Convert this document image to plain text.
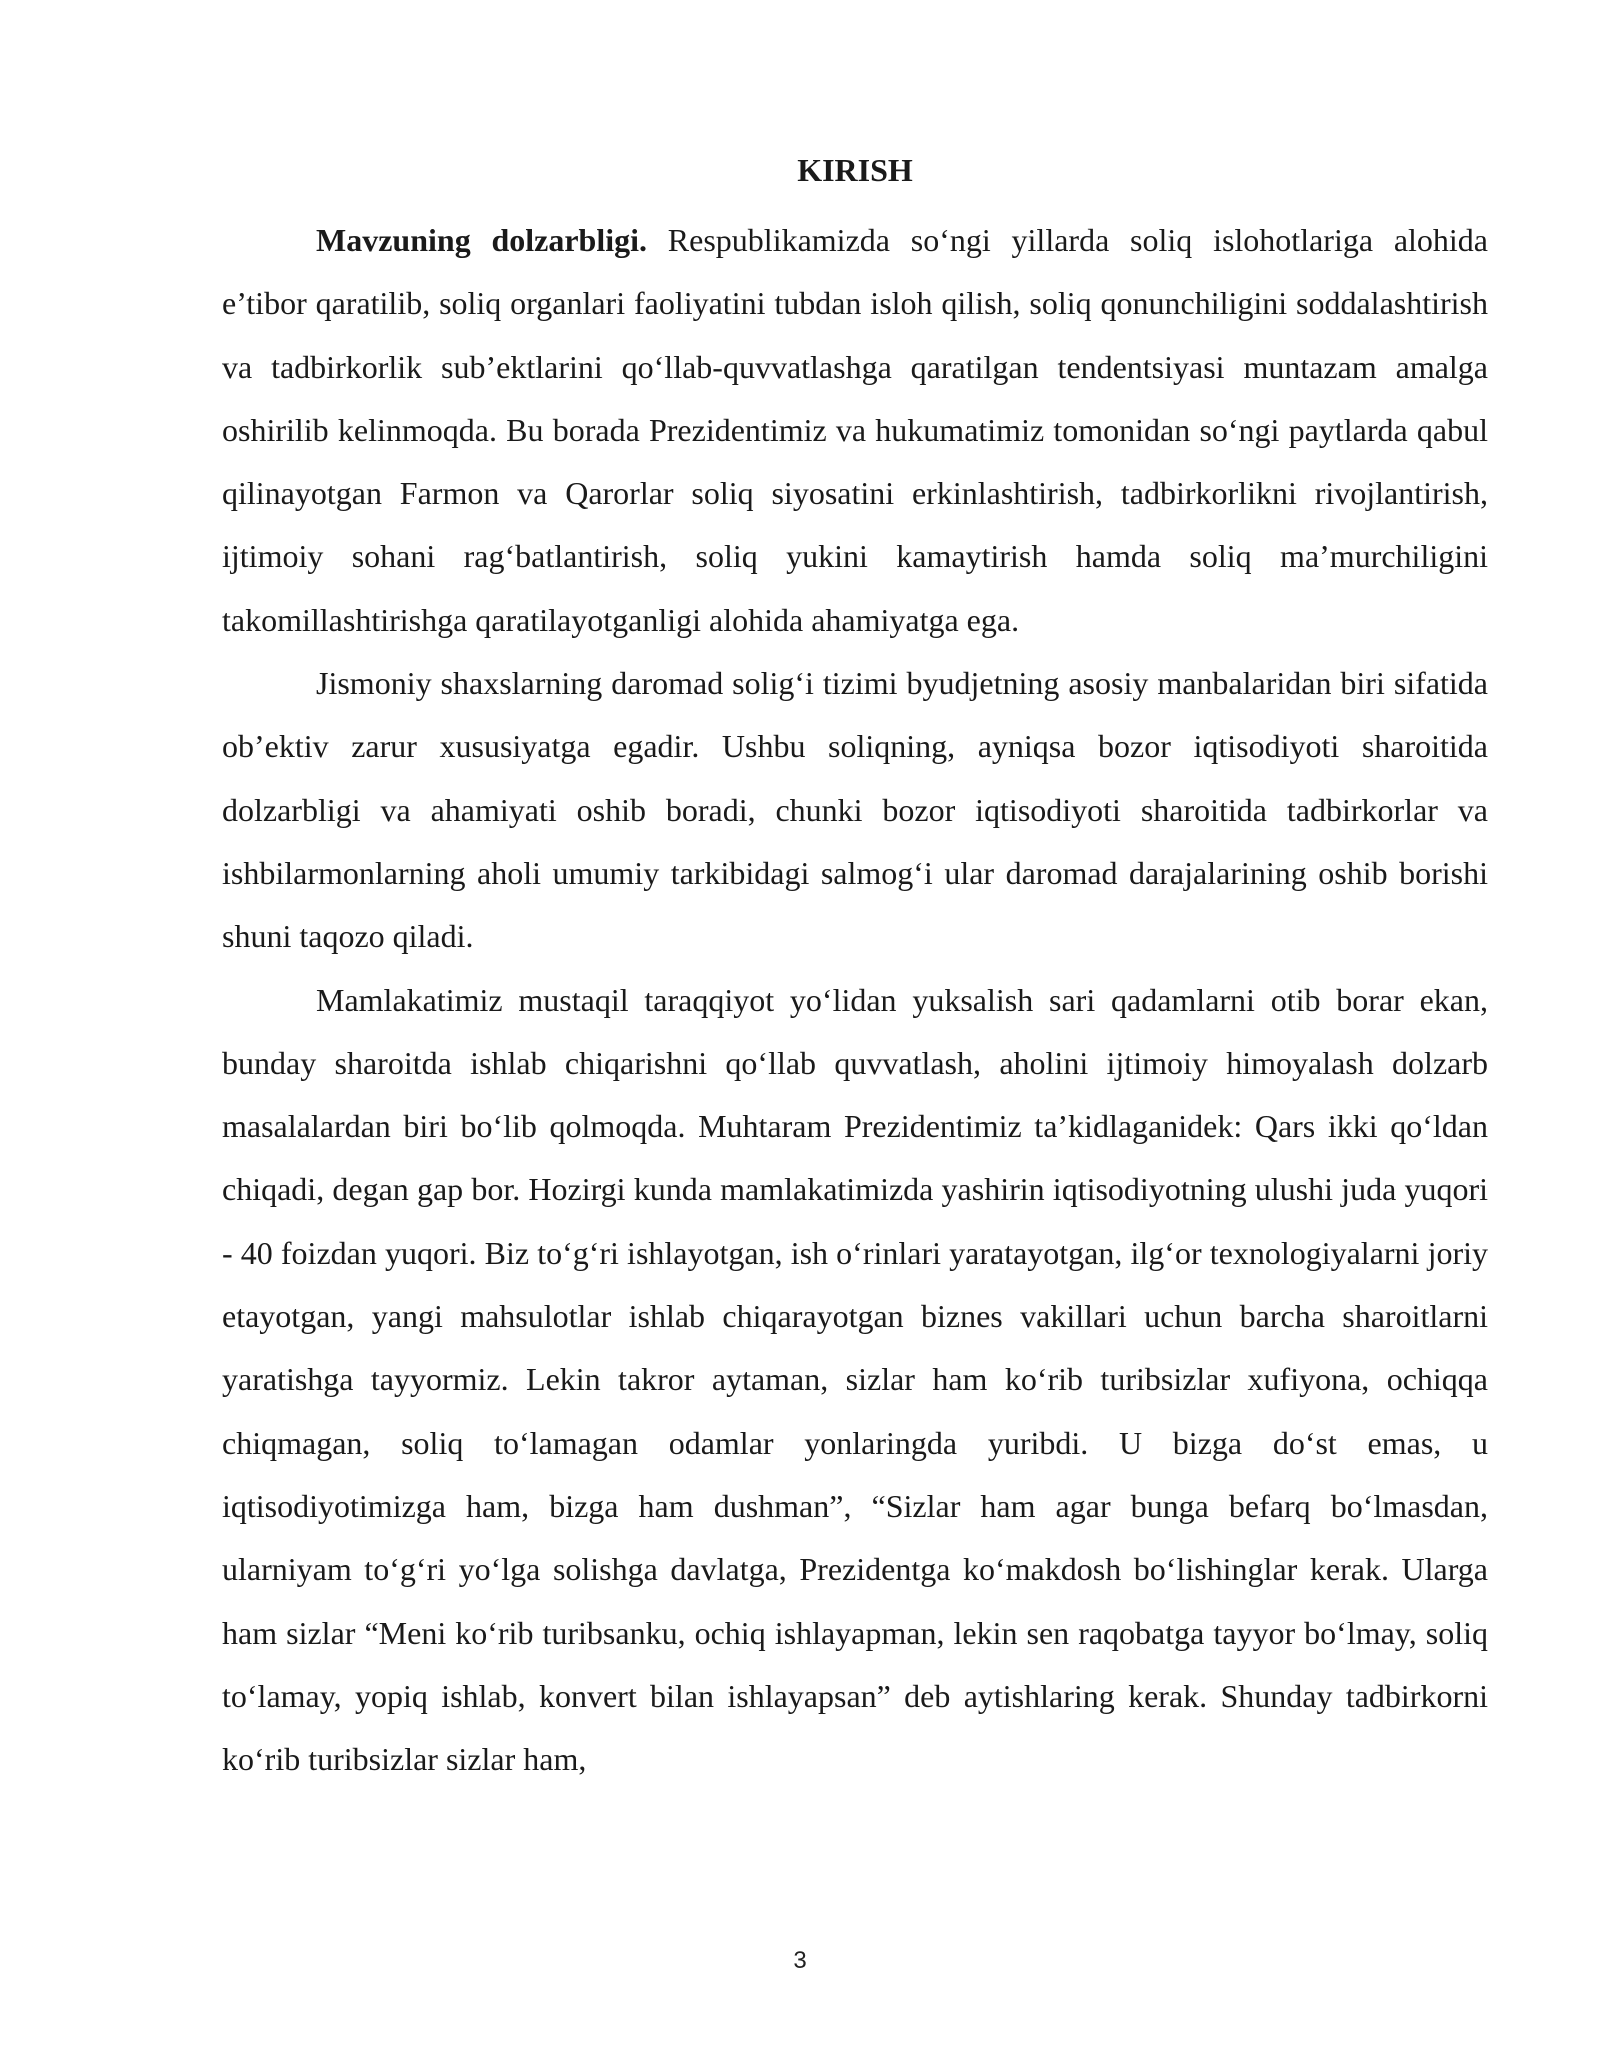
KIRISH

Mavzuning dolzarbligi. Respublikamizda so‘ngi yillarda soliq islohotlariga alohida e’tibor qaratilib, soliq organlari faoliyatini tubdan isloh qilish, soliq qonunchiligini soddalashtirish va tadbirkorlik sub’ektlarini qo‘llab-quvvatlashga qaratilgan tendentsiyasi muntazam amalga oshirilib kelinmoqda. Bu borada Prezidentimiz va hukumatimiz tomonidan so‘ngi paytlarda qabul qilinayotgan Farmon va Qarorlar soliq siyosatini erkinlashtirish, tadbirkorlikni rivojlantirish, ijtimoiy sohani rag‘batlantirish, soliq yukini kamaytirish hamda soliq ma’murchiligini takomillashtirishga qaratilayotganligi alohida ahamiyatga ega.

Jismoniy shaxslarning daromad solig‘i tizimi byudjetning asosiy manbalaridan biri sifatida ob’ektiv zarur xususiyatga egadir. Ushbu soliqning, ayniqsa bozor iqtisodiyoti sharoitida dolzarbligi va ahamiyati oshib boradi, chunki bozor iqtisodiyoti sharoitida tadbirkorlar va ishbilarmonlarning aholi umumiy tarkibidagi salmog‘i ular daromad darajalarining oshib borishi shuni taqozo qiladi.

Mamlakatimiz mustaqil taraqqiyot yo‘lidan yuksalish sari qadamlarni otib borar ekan, bunday sharoitda ishlab chiqarishni qo‘llab quvvatlash, aholini ijtimoiy himoyalash dolzarb masalalardan biri bo‘lib qolmoqda. Muhtaram Prezidentimiz ta’kidlaganidek: Qars ikki qo‘ldan chiqadi, degan gap bor. Hozirgi kunda mamlakatimizda yashirin iqtisodiyotning ulushi juda yuqori - 40 foizdan yuqori. Biz to‘g‘ri ishlayotgan, ish o‘rinlari yaratayotgan, ilg‘or texnologiyalarni joriy etayotgan, yangi mahsulotlar ishlab chiqarayotgan biznes vakillari uchun barcha sharoitlarni yaratishga tayyormiz. Lekin takror aytaman, sizlar ham ko‘rib turibsizlar xufiyona, ochiqqa chiqmagan, soliq to‘lamagan odamlar yonlaringda yuribdi. U bizga do‘st emas, u iqtisodiyotimizga ham, bizga ham dushman”, “Sizlar ham agar bunga befarq bo‘lmasdan, ularniyam to‘g‘ri yo‘lga solishga davlatga, Prezidentga ko‘makdosh bo‘lishinglar kerak. Ularga ham sizlar “Meni ko‘rib turibsanku, ochiq ishlayapman, lekin sen raqobatga tayyor bo‘lmay, soliq to‘lamay, yopiq ishlab, konvert bilan ishlayapsan” deb aytishlaring kerak. Shunday tadbirkorni ko‘rib turibsizlar sizlar ham,

3
